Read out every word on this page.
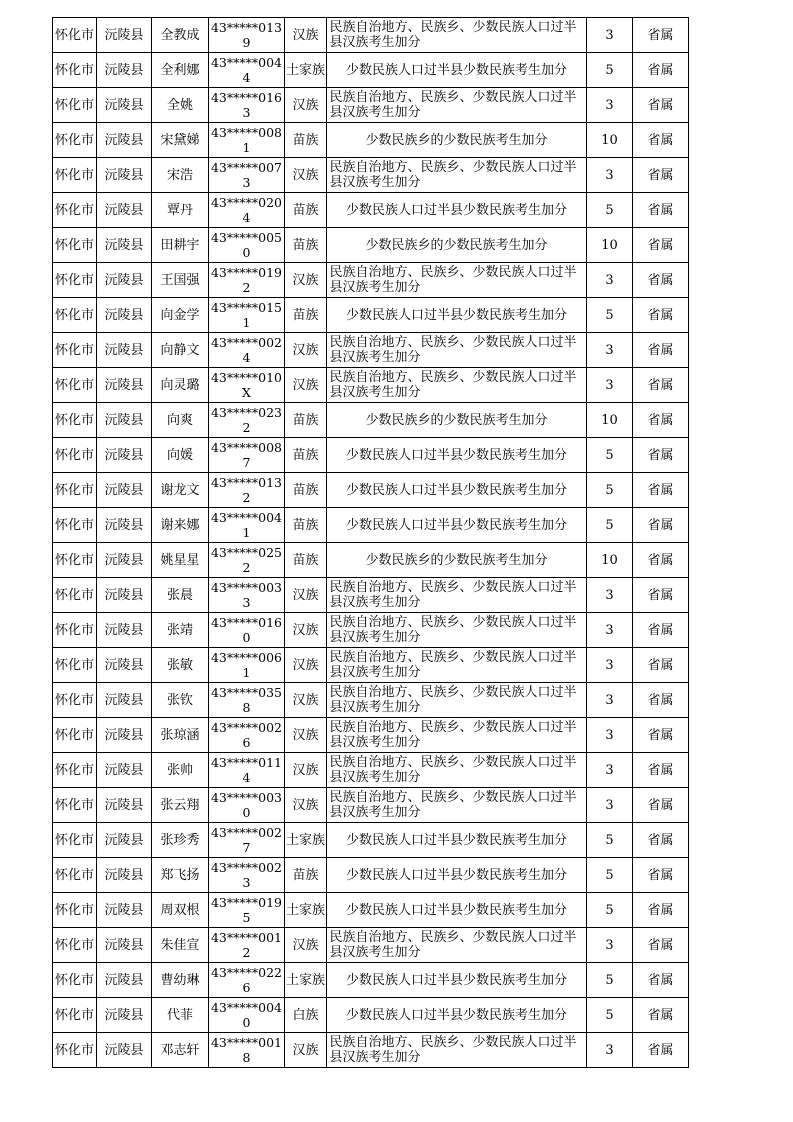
怀化市	沅陵县	全教成	43*****0139	汉族	民族自治地方、民族乡、少数民族人口过半县汉族考生加分	3	省属
怀化市	沅陵县	全利娜	43*****0044	土家族	少数民族人口过半县少数民族考生加分	5	省属
怀化市	沅陵县	全姚	43*****0163	汉族	民族自治地方、民族乡、少数民族人口过半县汉族考生加分	3	省属
怀化市	沅陵县	宋黛娣	43*****0081	苗族	少数民族乡的少数民族考生加分	10	省属
怀化市	沅陵县	宋浩	43*****0073	汉族	民族自治地方、民族乡、少数民族人口过半县汉族考生加分	3	省属
怀化市	沅陵县	覃丹	43*****0204	苗族	少数民族人口过半县少数民族考生加分	5	省属
怀化市	沅陵县	田耕宇	43*****0050	苗族	少数民族乡的少数民族考生加分	10	省属
怀化市	沅陵县	王国强	43*****0192	汉族	民族自治地方、民族乡、少数民族人口过半县汉族考生加分	3	省属
怀化市	沅陵县	向金学	43*****0151	苗族	少数民族人口过半县少数民族考生加分	5	省属
怀化市	沅陵县	向静文	43*****0024	汉族	民族自治地方、民族乡、少数民族人口过半县汉族考生加分	3	省属
怀化市	沅陵县	向灵璐	43*****010X	汉族	民族自治地方、民族乡、少数民族人口过半县汉族考生加分	3	省属
怀化市	沅陵县	向爽	43*****0232	苗族	少数民族乡的少数民族考生加分	10	省属
怀化市	沅陵县	向媛	43*****0087	苗族	少数民族人口过半县少数民族考生加分	5	省属
怀化市	沅陵县	谢龙文	43*****0132	苗族	少数民族人口过半县少数民族考生加分	5	省属
怀化市	沅陵县	谢来娜	43*****0041	苗族	少数民族人口过半县少数民族考生加分	5	省属
怀化市	沅陵县	姚星星	43*****0252	苗族	少数民族乡的少数民族考生加分	10	省属
怀化市	沅陵县	张晨	43*****0033	汉族	民族自治地方、民族乡、少数民族人口过半县汉族考生加分	3	省属
怀化市	沅陵县	张靖	43*****0160	汉族	民族自治地方、民族乡、少数民族人口过半县汉族考生加分	3	省属
怀化市	沅陵县	张敏	43*****0061	汉族	民族自治地方、民族乡、少数民族人口过半县汉族考生加分	3	省属
怀化市	沅陵县	张钦	43*****0358	汉族	民族自治地方、民族乡、少数民族人口过半县汉族考生加分	3	省属
怀化市	沅陵县	张琼涵	43*****0026	汉族	民族自治地方、民族乡、少数民族人口过半县汉族考生加分	3	省属
怀化市	沅陵县	张帅	43*****0114	汉族	民族自治地方、民族乡、少数民族人口过半县汉族考生加分	3	省属
怀化市	沅陵县	张云翔	43*****0030	汉族	民族自治地方、民族乡、少数民族人口过半县汉族考生加分	3	省属
怀化市	沅陵县	张珍秀	43*****0027	土家族	少数民族人口过半县少数民族考生加分	5	省属
怀化市	沅陵县	郑飞扬	43*****0023	苗族	少数民族人口过半县少数民族考生加分	5	省属
怀化市	沅陵县	周双根	43*****0195	土家族	少数民族人口过半县少数民族考生加分	5	省属
怀化市	沅陵县	朱佳宣	43*****0012	汉族	民族自治地方、民族乡、少数民族人口过半县汉族考生加分	3	省属
怀化市	沅陵县	曹幼琳	43*****0226	土家族	少数民族人口过半县少数民族考生加分	5	省属
怀化市	沅陵县	代菲	43*****0040	白族	少数民族人口过半县少数民族考生加分	5	省属
怀化市	沅陵县	邓志轩	43*****0018	汉族	民族自治地方、民族乡、少数民族人口过半县汉族考生加分	3	省属
